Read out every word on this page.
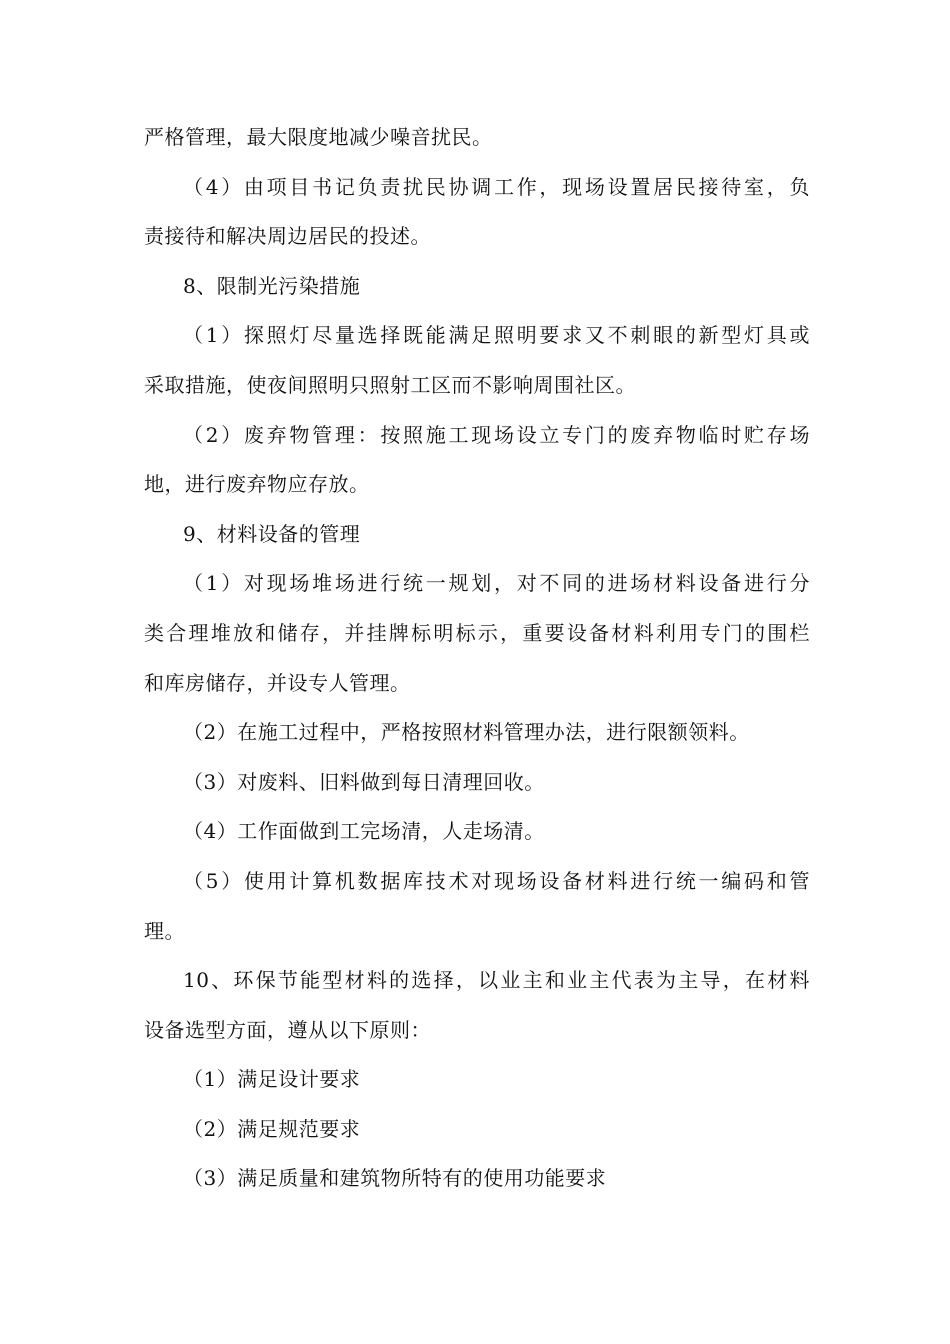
严格管理，最大限度地减少噪音扰民。
（4）由项目书记负责扰民协调工作，现场设置居民接待室，负
责接待和解决周边居民的投述。
8、限制光污染措施
（1）探照灯尽量选择既能满足照明要求又不刺眼的新型灯具或
采取措施，使夜间照明只照射工区而不影响周围社区。
（2）废弃物管理：按照施工现场设立专门的废弃物临时贮存场
地，进行废弃物应存放。
9、材料设备的管理
（1）对现场堆场进行统一规划，对不同的进场材料设备进行分
类合理堆放和储存，并挂牌标明标示，重要设备材料利用专门的围栏
和库房储存，并设专人管理。
（2）在施工过程中，严格按照材料管理办法，进行限额领料。
（3）对废料、旧料做到每日清理回收。
（4）工作面做到工完场清，人走场清。
（5）使用计算机数据库技术对现场设备材料进行统一编码和管
理。
10、环保节能型材料的选择，以业主和业主代表为主导，在材料
设备选型方面，遵从以下原则：
（1）满足设计要求
（2）满足规范要求
（3）满足质量和建筑物所特有的使用功能要求
